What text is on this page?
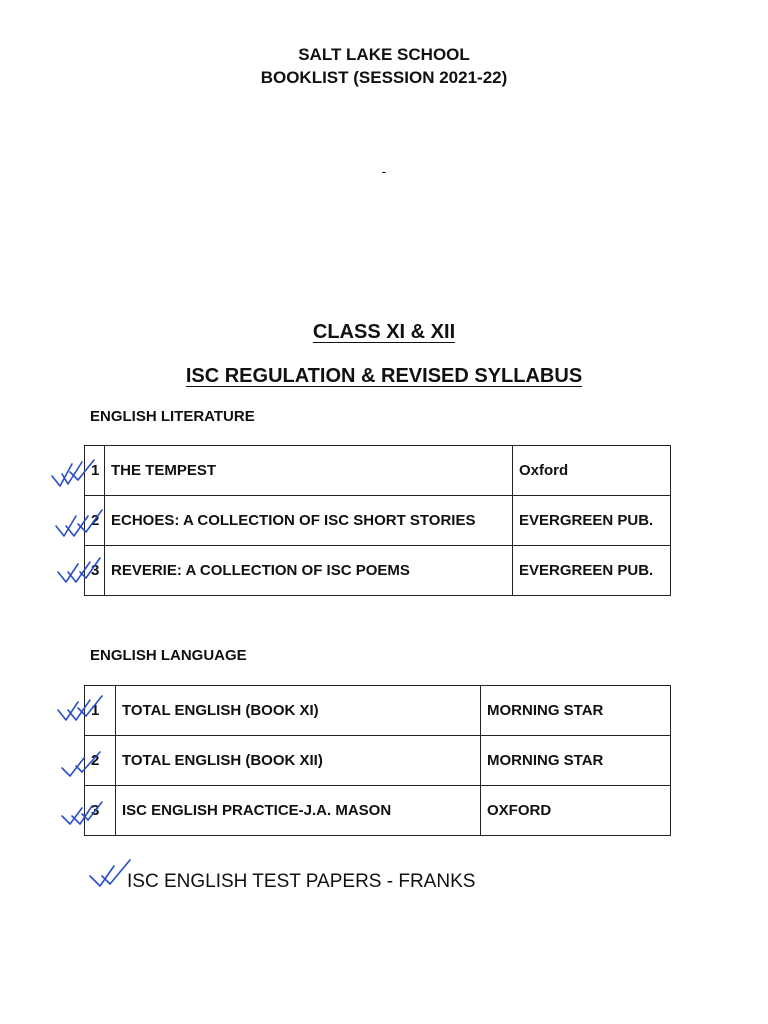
SALT LAKE SCHOOL
BOOKLIST (SESSION 2021-22)
-
CLASS XI & XII
ISC REGULATION & REVISED SYLLABUS
ENGLISH LITERATURE
1	THE TEMPEST	Oxford
2	ECHOES: A COLLECTION OF ISC SHORT STORIES	EVERGREEN PUB.
3	REVERIE: A COLLECTION OF ISC POEMS	EVERGREEN PUB.
ENGLISH LANGUAGE
1	TOTAL ENGLISH (BOOK XI)	MORNING STAR
2	TOTAL ENGLISH (BOOK XII)	MORNING STAR
3	ISC ENGLISH PRACTICE-J.A. MASON	OXFORD
ISC ENGLISH TEST PAPERS - FRANKS
